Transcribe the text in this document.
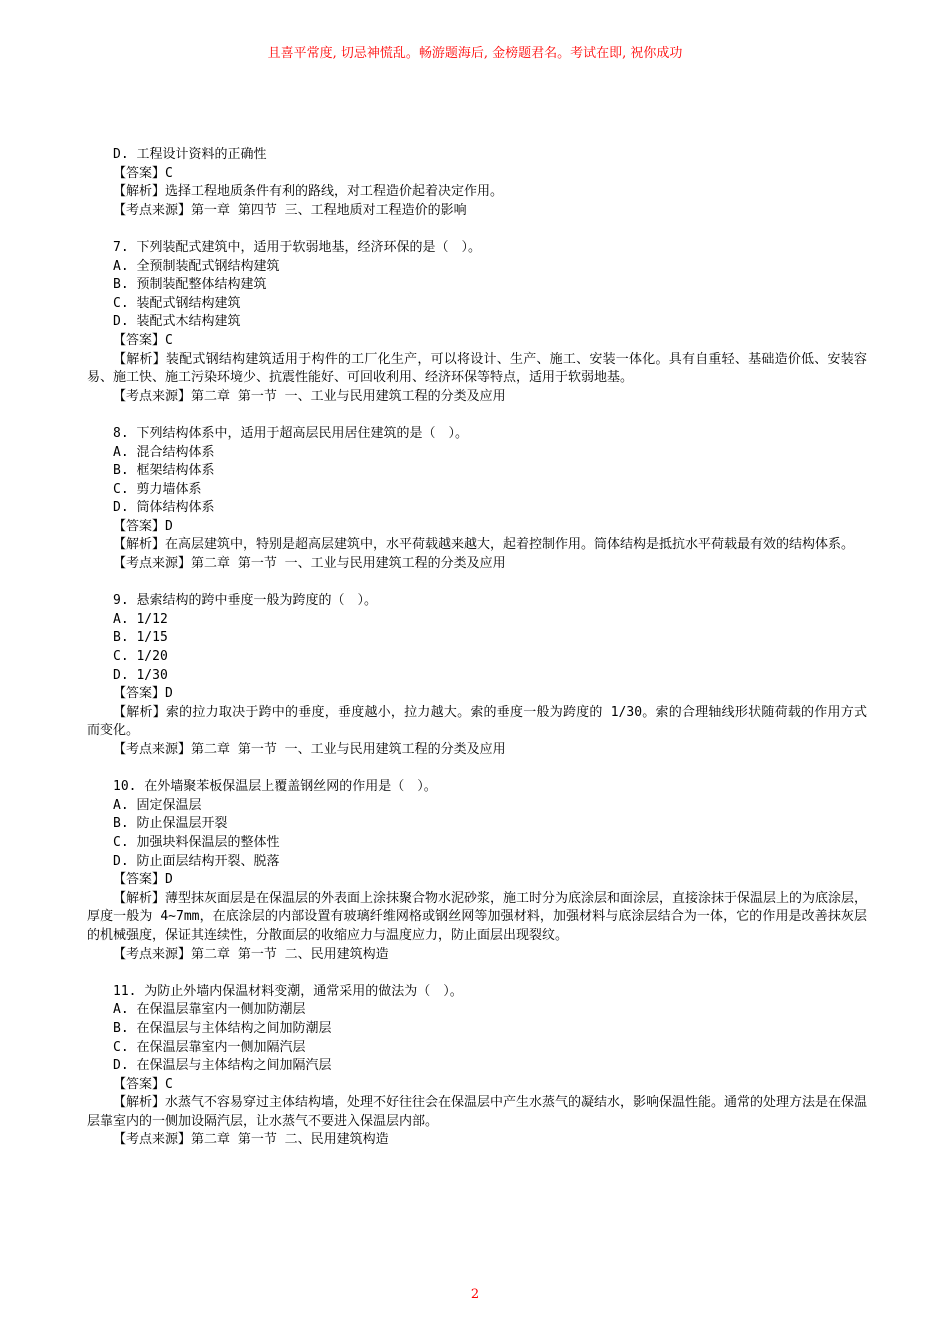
且喜平常度, 切忌神慌乱。畅游题海后, 金榜题君名。考试在即, 祝你成功
D. 工程设计资料的正确性
【答案】C
【解析】选择工程地质条件有利的路线，对工程造价起着决定作用。
【考点来源】第一章 第四节 三、工程地质对工程造价的影响
7. 下列装配式建筑中，适用于软弱地基，经济环保的是（　）。
A. 全预制装配式钢结构建筑
B. 预制装配整体结构建筑
C. 装配式钢结构建筑
D. 装配式木结构建筑
【答案】C
【解析】装配式钢结构建筑适用于构件的工厂化生产，可以将设计、生产、施工、安装一体化。具有自重轻、基础造价低、安装容易、施工快、施工污染环境少、抗震性能好、可回收利用、经济环保等特点，适用于软弱地基。
【考点来源】第二章 第一节 一、工业与民用建筑工程的分类及应用
8. 下列结构体系中，适用于超高层民用居住建筑的是（　）。
A. 混合结构体系
B. 框架结构体系
C. 剪力墙体系
D. 筒体结构体系
【答案】D
【解析】在高层建筑中，特别是超高层建筑中，水平荷载越来越大，起着控制作用。筒体结构是抵抗水平荷载最有效的结构体系。
【考点来源】第二章 第一节 一、工业与民用建筑工程的分类及应用
9. 悬索结构的跨中垂度一般为跨度的（　）。
A. 1/12
B. 1/15
C. 1/20
D. 1/30
【答案】D
【解析】索的拉力取决于跨中的垂度，垂度越小，拉力越大。索的垂度一般为跨度的 1/30。索的合理轴线形状随荷载的作用方式而变化。
【考点来源】第二章 第一节 一、工业与民用建筑工程的分类及应用
10. 在外墙聚苯板保温层上覆盖钢丝网的作用是（　）。
A. 固定保温层
B. 防止保温层开裂
C. 加强块料保温层的整体性
D. 防止面层结构开裂、脱落
【答案】D
【解析】薄型抹灰面层是在保温层的外表面上涂抹聚合物水泥砂浆，施工时分为底涂层和面涂层，直接涂抹于保温层上的为底涂层，厚度一般为 4~7mm，在底涂层的内部设置有玻璃纤维网格或钢丝网等加强材料，加强材料与底涂层结合为一体，它的作用是改善抹灰层的机械强度，保证其连续性，分散面层的收缩应力与温度应力，防止面层出现裂纹。
【考点来源】第二章 第一节 二、民用建筑构造
11. 为防止外墙内保温材料变潮，通常采用的做法为（　）。
A. 在保温层靠室内一侧加防潮层
B. 在保温层与主体结构之间加防潮层
C. 在保温层靠室内一侧加隔汽层
D. 在保温层与主体结构之间加隔汽层
【答案】C
【解析】水蒸气不容易穿过主体结构墙，处理不好往往会在保温层中产生水蒸气的凝结水，影响保温性能。通常的处理方法是在保温层靠室内的一侧加设隔汽层，让水蒸气不要进入保温层内部。
【考点来源】第二章 第一节 二、民用建筑构造
2
